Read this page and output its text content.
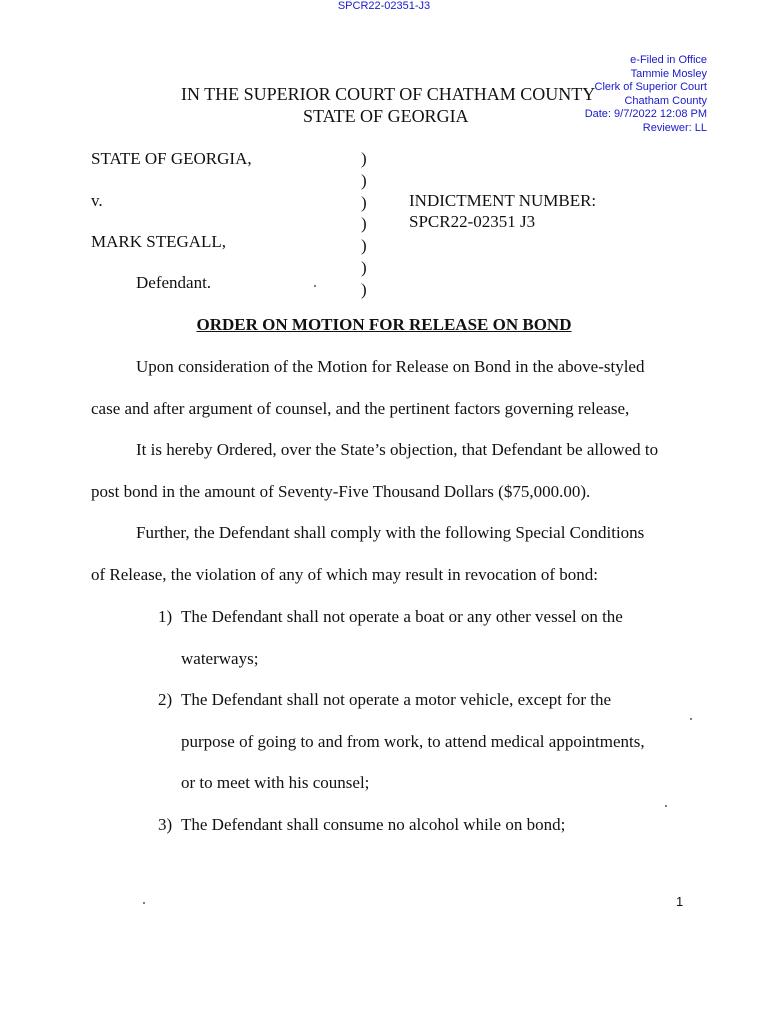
SPCR22-02351-J3
e-Filed in Office
Tammie Mosley
Clerk of Superior Court
Chatham County
Date: 9/7/2022 12:08 PM
Reviewer: LL
IN THE SUPERIOR COURT OF CHATHAM COUNTY
STATE OF GEORGIA
STATE OF GEORGIA,
v.
MARK STEGALL,
Defendant.
)
)
)
)
)
)
)
INDICTMENT NUMBER:
SPCR22-02351 J3
ORDER ON MOTION FOR RELEASE ON BOND
Upon consideration of the Motion for Release on Bond in the above-styled
case and after argument of counsel, and the pertinent factors governing release,
It is hereby Ordered, over the State’s objection, that Defendant be allowed to
post bond in the amount of Seventy-Five Thousand Dollars ($75,000.00).
Further, the Defendant shall comply with the following Special Conditions
of Release, the violation of any of which may result in revocation of bond:
1) The Defendant shall not operate a boat or any other vessel on the
waterways;
2) The Defendant shall not operate a motor vehicle, except for the
purpose of going to and from work, to attend medical appointments,
or to meet with his counsel;
3) The Defendant shall consume no alcohol while on bond;
1
